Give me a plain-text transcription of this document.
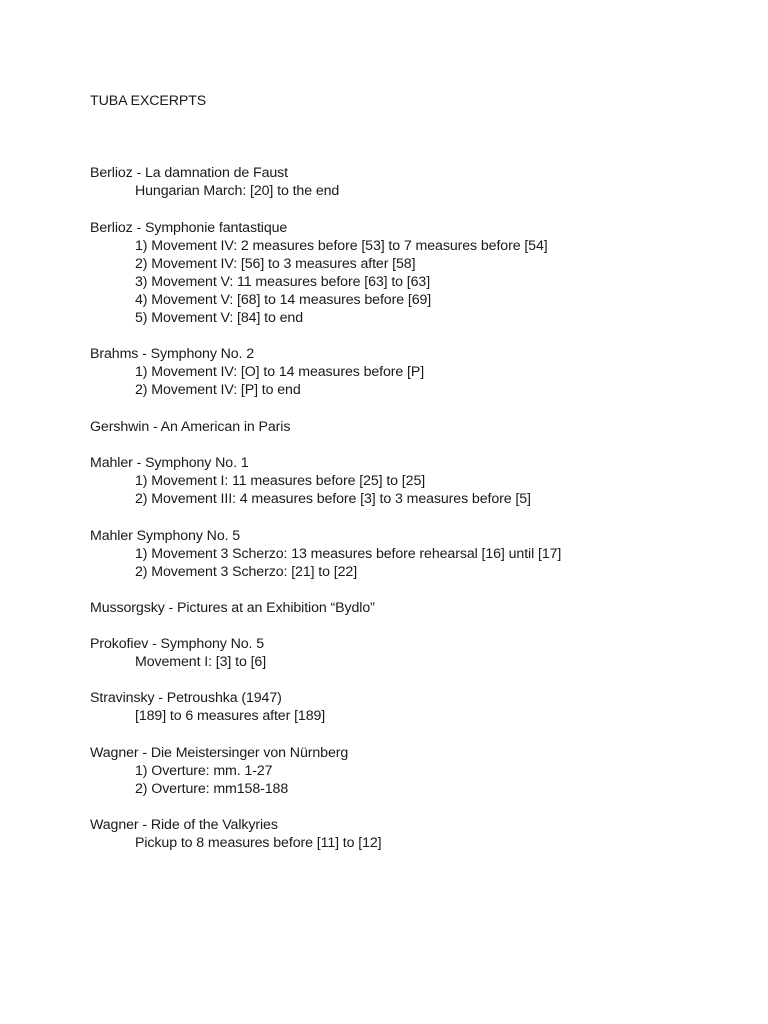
TUBA EXCERPTS
Berlioz - La damnation de Faust
Hungarian March: [20] to the end
Berlioz - Symphonie fantastique
1) Movement IV: 2 measures before [53] to 7 measures before [54]
2) Movement IV: [56] to 3 measures after [58]
3) Movement V: 11 measures before [63] to [63]
4) Movement V: [68] to 14 measures before [69]
5) Movement V: [84] to end
Brahms - Symphony No. 2
1) Movement IV: [O] to 14 measures before [P]
2) Movement IV: [P] to end
Gershwin - An American in Paris
Mahler - Symphony No. 1
1) Movement I: 11 measures before [25] to [25]
2) Movement III: 4 measures before [3] to 3 measures before [5]
Mahler Symphony No. 5
1) Movement 3 Scherzo: 13 measures before rehearsal [16] until [17]
2) Movement 3 Scherzo: [21] to [22]
Mussorgsky - Pictures at an Exhibition “Bydlo”
Prokofiev - Symphony No. 5
Movement I: [3] to [6]
Stravinsky - Petroushka (1947)
[189] to 6 measures after [189]
Wagner - Die Meistersinger von Nürnberg
1) Overture: mm. 1-27
2) Overture: mm158-188
Wagner - Ride of the Valkyries
Pickup to 8 measures before [11] to [12]
